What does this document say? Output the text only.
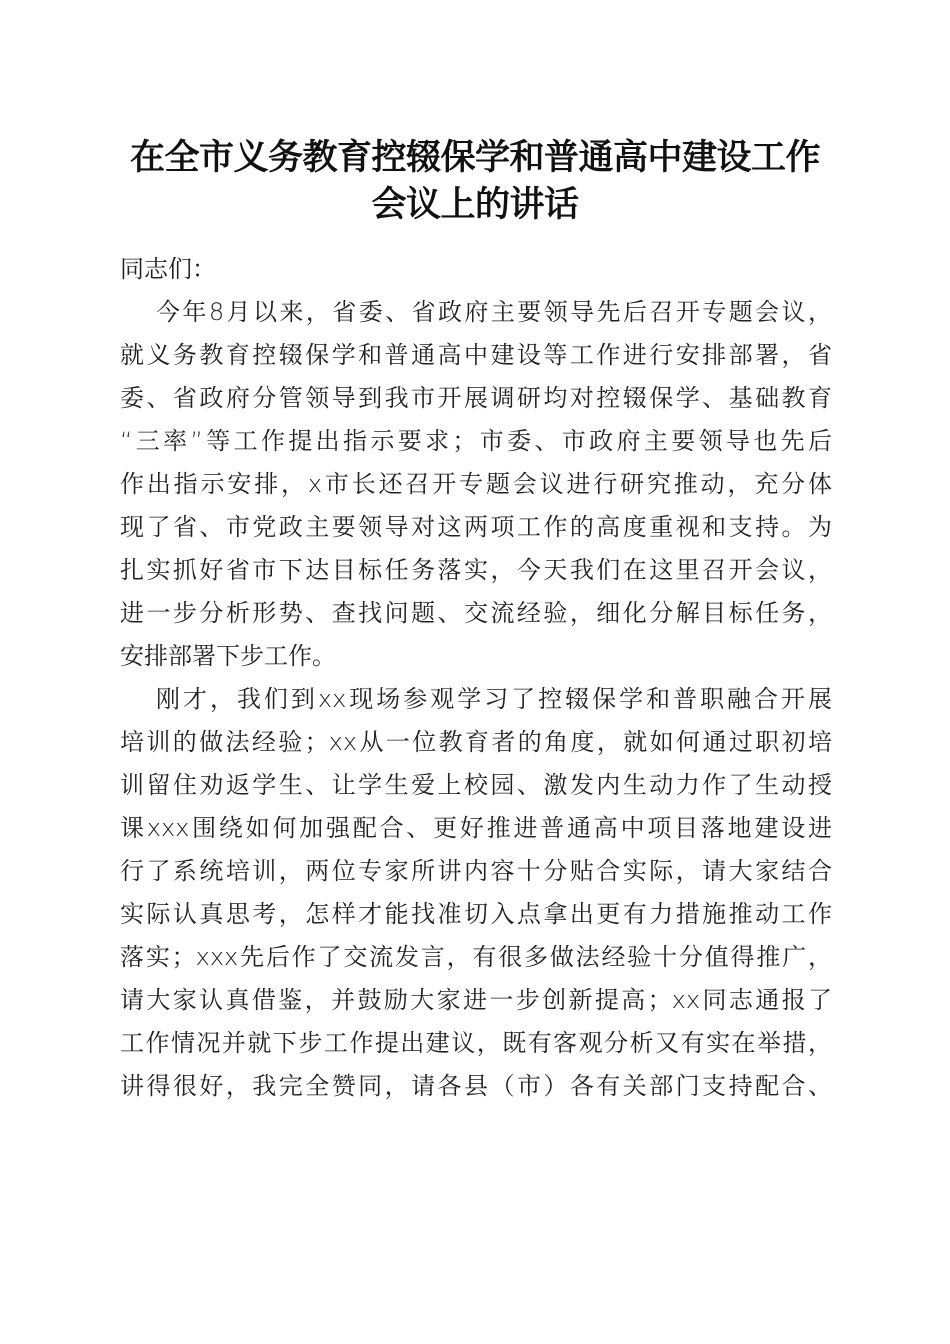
在全市义务教育控辍保学和普通高中建设工作
会议上的讲话
同志们：
今年8月以来，省委、省政府主要领导先后召开专题会议，
就义务教育控辍保学和普通高中建设等工作进行安排部署，省
委、省政府分管领导到我市开展调研均对控辍保学、基础教育
“三率”等工作提出指示要求；市委、市政府主要领导也先后
作出指示安排，x市长还召开专题会议进行研究推动，充分体
现了省、市党政主要领导对这两项工作的高度重视和支持。为
扎实抓好省市下达目标任务落实，今天我们在这里召开会议，
进一步分析形势、查找问题、交流经验，细化分解目标任务，
安排部署下步工作。
刚才，我们到xx现场参观学习了控辍保学和普职融合开展
培训的做法经验；xx从一位教育者的角度，就如何通过职初培
训留住劝返学生、让学生爱上校园、激发内生动力作了生动授
课xxx围绕如何加强配合、更好推进普通高中项目落地建设进
行了系统培训，两位专家所讲内容十分贴合实际，请大家结合
实际认真思考，怎样才能找准切入点拿出更有力措施推动工作
落实；xxx先后作了交流发言，有很多做法经验十分值得推广，
请大家认真借鉴，并鼓励大家进一步创新提高；xx同志通报了
工作情况并就下步工作提出建议，既有客观分析又有实在举措，
讲得很好，我完全赞同，请各县（市）各有关部门支持配合、
